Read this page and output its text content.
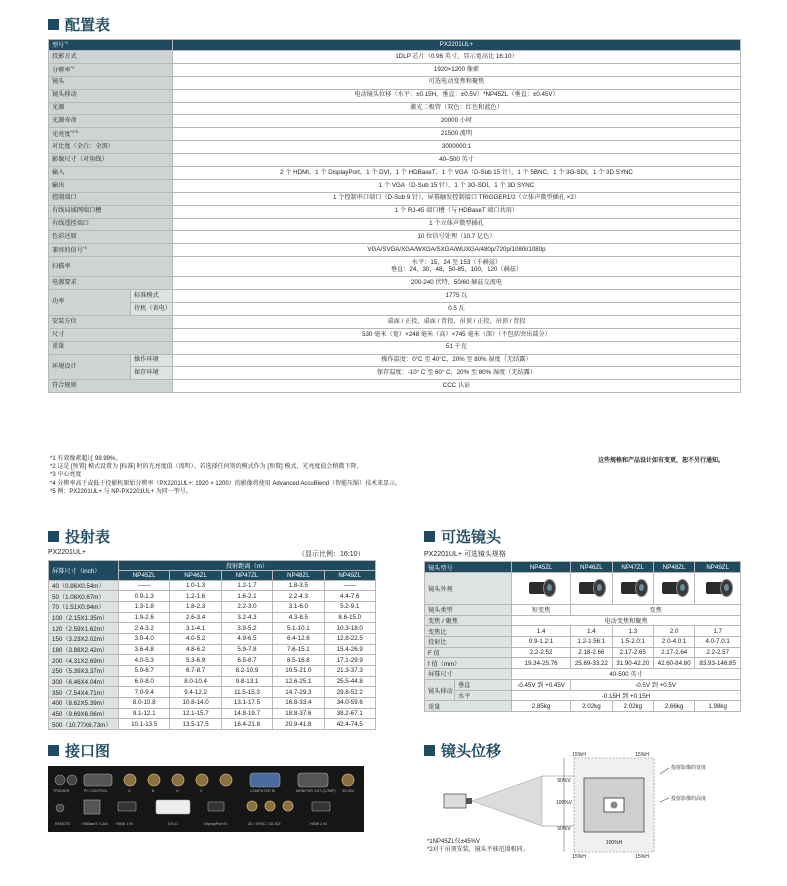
配置表
型号$^{*1}$		PX2201UL+

投影方式		1DLP 芯片（0.96 英寸，显示宽高比 16:10）

分辨率$^{*2}$		1920×1200 像素

镜头		可选电动变焦和聚焦

镜头移动		电动镜头位移（水平：±0.15H，垂直：±0.5V）*NP45ZL（垂直：±0.45V）

光源		激光二极管（双色：红色和蓝色）

光源寿命		20000 小时

光亮度$^{*2*3}$		21500 流明

对比度（全白：全黑）		3000000:1

影像尺寸（对角线）		40–500 英寸

输入		2 个 HDMI，1 个 DisplayPort，1 个 DVI，1 个 HDBaseT，1 个 VGA（D-Sub 15 针），1 个 5BNC，1 个 3G-SDI，1 个 3D SYNC

输出		1 个 VGA（D-Sub 15 针），1 个 3G-SDI，1 个 3D SYNC

控制端口		1 个控制串口端口（D-Sub 9 针），屏幕触发控制接口 TRIGGER1/2（立体声微型插孔 ×2）

有线局域网端口槽		1 个 RJ-45 端口槽（与 HDBaseT 端口共用）

有线遥控端口		1 个立体声微型插孔

色彩还原		10 位信号处理（10.7 亿色）

兼容的信号$^{*4}$		VGA/SVGA/XGA/WXGA/SXGA/WUXGA/480p/720p/1080i/1080p

扫描率		水平：15，24 至 153（千赫兹）
垂直：24，30，48，50-85，100，120（赫兹）

电源要求		200-240 伏特，50/60 赫兹交流电

功率	标准模式	1775 瓦
	待机（省电）	0.5 瓦
安装方位		桌面 / 正投，桌面 / 背投，吊顶 / 正投，吊顶 / 背投

尺寸		530 毫米（宽）×248 毫米（高）×745 毫米（深）（不包括突出部分）

重量		51 千克

环境设计	操作环境	操作温度：0°C 至 40°C，20% 至 80% 湿度（无结露）
	保存环境	保存温度：-10° C 至 60° C，20% 至 80% 湿度（无结露）
符合规则		CCC 认证
*1 有效像素超过 99.99%。
*2 这是 [预置] 模式设置为 [标准] 时的光亮度值（流明）。若选择任何别的模式作为 [预置] 模式，光亮度值会稍微下降。
*3 中心亮度
*4 分辨率高于或低于投影机原始分辨率（PX2201UL+: 1920 × 1200）的影像将使用 Advanced AccuBlend（智能压缩）技术来显示。
*5 例：PX2201UL+ 与 NP-PX2201UL+ 为同一型号。
这些规格和产品设计如有变更，恕不另行通知。
投射表
PX2201UL+	（显示比例：16:10）
屏幕尺寸（inch）	投射距离（m）				
	NP45ZL	NP46ZL	NP47ZL	NP48ZL	NP49ZL
40（0.86X0.54m）	——	1.0-1.3	1.2-1.7	1.8-3.5	——
50（1.08X0.67m）	0.9-1.3	1.2-1.6	1.6-2.1	2.2-4.3	4.4-7.6
70（1.51X0.94m）	1.3-1.8	1.8-2.3	2.2-3.0	3.1-6.0	5.2-9.1
100（2.15X1.35m）	1.9-2.6	2.6-3.4	3.2-4.3	4.3-8.5	8.6-15.0
120（2.59X1.62m）	2.4-3.2	3.1-4.1	3.9-5.2	5.1-10.1	10.3-18.0
150（3.23X2.02m）	3.0-4.0	4.0-5.2	4.9-6.5	6.4-12.6	12.8-22.5
180（3.88X2.42m）	3.6-4.8	4.8-6.2	5.9-7.8	7.6-15.1	15.4-26.9
200（4.31X2.69m）	4.0-5.3	5.3-6.9	6.5-8.7	8.5-16.8	17.1-29.9
250（5.39X3.37m）	5.0-6.7	6.7-8.7	8.2-10.9	10.5-21.0	21.3-37.3
300（6.46X4.04m）	6.0-8.0	8.0-10.4	9.8-13.1	12.6-25.1	25.5-44.8
350（7.54X4.71m）	7.0-9.4	9.4-12.2	11.5-15.3	14.7-29.3	29.8-52.2
400（8.62X5.39m）	8.0-10.8	10.8-14.0	13.1-17.5	16.8-33.4	34.0-59.6
450（9.69X6.06m）	9.1-12.1	12.1-15.7	14.8-19.7	18.8-37.6	38.2-67.1
500（10.77X6.73m）	10.1-13.5	13.5-17.5	16.4-21.8	20.9-41.8	42.4-74.5
可选镜头
PX2201UL+ 可选镜头规格
镜头型号		NP45ZL	NP46ZL	NP47ZL	NP48ZL	NP49ZL
镜头外观		

镜头类型		短变焦	变焦			
变焦 / 聚焦		电动变焦和聚焦				
变焦比		1.4	1.4	1.3	2.0	1.7
投射比		0.9-1.2:1	1.2-1.56:1	1.5-2.0:1	2.0-4.0:1	4.0-7.0:1
F 值		2.2-2.52	2.18-2.66	2.17-2.65	2.17-2.64	2.2-2.57
f 值（mm）		19.34-25.76	25.69-33.22	31.90-42.20	42.60-84.80	83.93-146.85
屏幕尺寸		40-500 英寸				
镜头移动	垂直	-0.45V 到 +0.45V	-0.5V 到 +0.5V			
	水平	-0.15H 到 +0.15H				
重量		2.85kg	2.02kg	2.02kg	2.66kg	1.98kg
接口图
REMOTE	HDBaseT / LAN HDMI 1 IN	DVI-D	DisplayPort IN	3D / SYNC / 3G-SDI	HDMI 2 IN
TRIGGER	PC CONTROL	G	B	H	V	COMPUTER IN	MONITOR OUT (COMP) 3G-SDI
镜头位移
50%V
100%V
50%V
15%H	15%H
100%H
15%H	15%H
投射影像的宽度
投射影像的高度
*1NP45ZL仅±45%V
*2对于吊顶安装，镜头平移范围相同。
